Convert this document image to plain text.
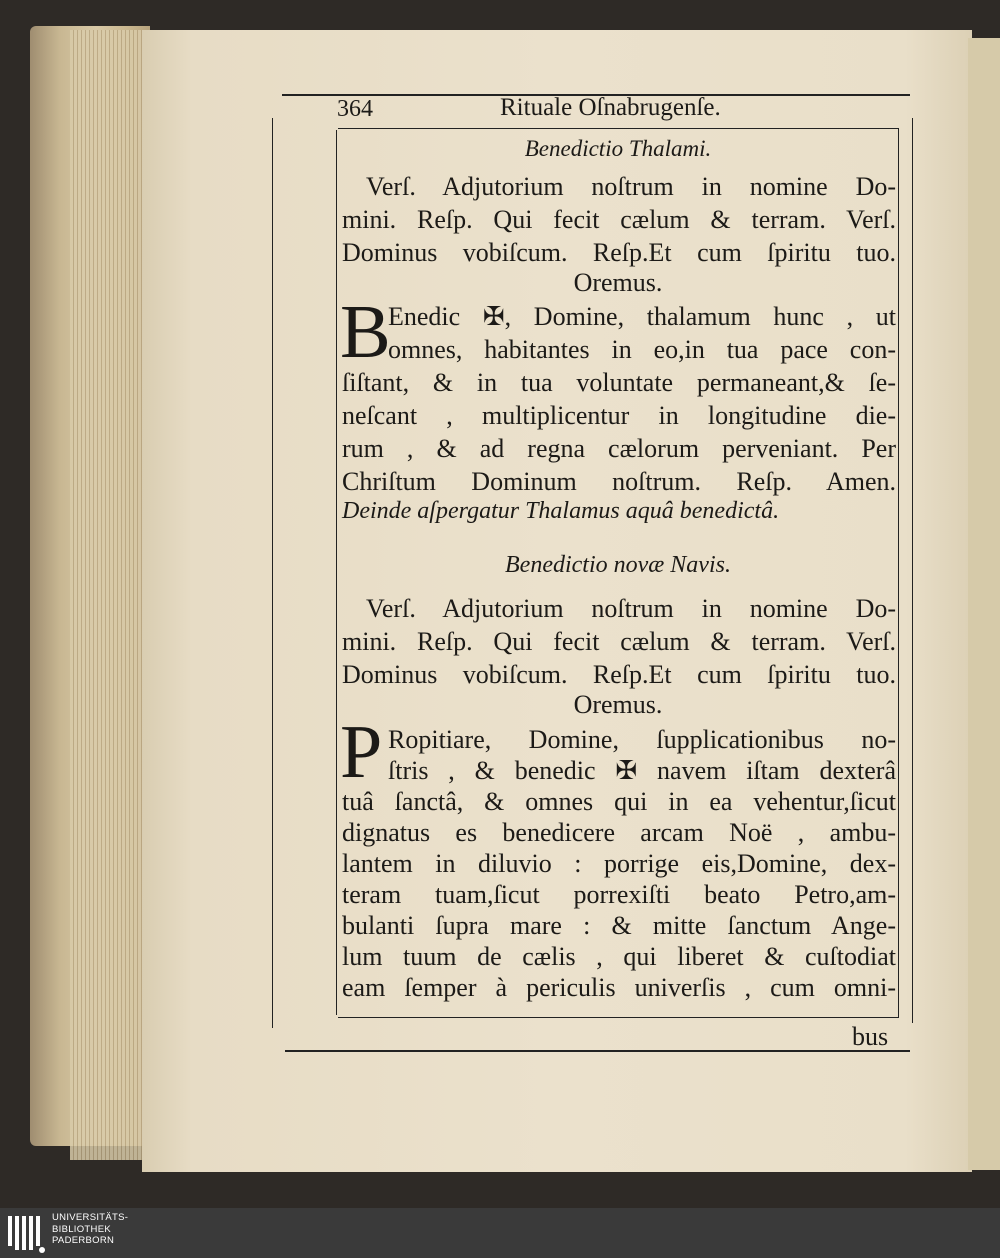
364	Rituale Oſnabrugenſe.
Benedictio Thalami.
Verſ. Adjutorium noſtrum in nomine Do-
mini. Reſp. Qui fecit cælum & terram. Verſ.
Dominus vobiſcum. Reſp.Et cum ſpiritu tuo.
Oremus.
B
Enedic ✠, Domine, thalamum hunc , ut
omnes, habitantes in eo,in tua pace con-
ſiſtant, & in tua voluntate permaneant,& ſe-
neſcant , multiplicentur in longitudine die-
rum , & ad regna cælorum perveniant. Per
Chriſtum Dominum noſtrum. Reſp. Amen.
Deinde aſpergatur Thalamus aquâ benedictâ.
Benedictio novæ Navis.
Verſ. Adjutorium noſtrum in nomine Do-
mini. Reſp. Qui fecit cælum & terram. Verſ.
Dominus vobiſcum. Reſp.Et cum ſpiritu tuo.
Oremus.
P Ropitiare, Domine, ſupplicationibus no-
ſtris , & benedic ✠ navem iſtam dexterâ
tuâ ſanctâ, & omnes qui in ea vehentur,ſicut
dignatus es benedicere arcam Noë , ambu-
lantem in diluvio : porrige eis,Domine, dex-
teram tuam,ſicut porrexiſti beato Petro,am-
bulanti ſupra mare : & mitte ſanctum Ange-
lum tuum de cælis , qui liberet & cuſtodiat
eam ſemper à periculis univerſis , cum omni-
bus
UNIVERSITÄTS-
BIBLIOTHEK
PADERBORN
